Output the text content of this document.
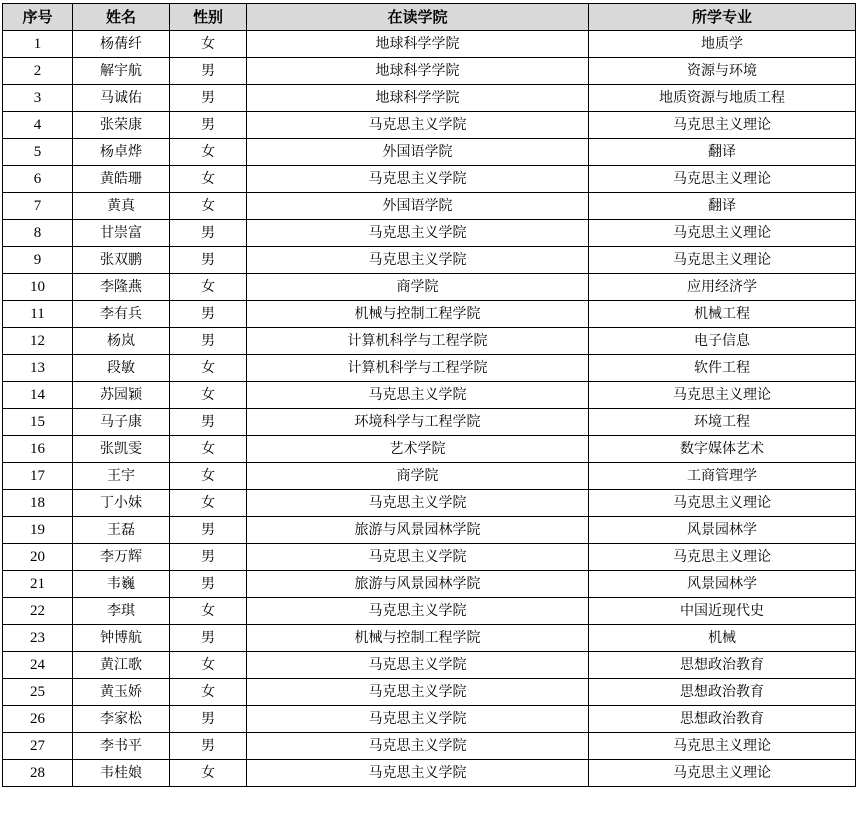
序号	姓名	性别	在读学院	所学专业
1	杨蒨纤	女	地球科学学院	地质学
2	解宇航	男	地球科学学院	资源与环境
3	马诚佑	男	地球科学学院	地质资源与地质工程
4	张荣康	男	马克思主义学院	马克思主义理论
5	杨卓烨	女	外国语学院	翻译
6	黄皓珊	女	马克思主义学院	马克思主义理论
7	黄真	女	外国语学院	翻译
8	甘崇富	男	马克思主义学院	马克思主义理论
9	张双鹏	男	马克思主义学院	马克思主义理论
10	李隆燕	女	商学院	应用经济学
11	李有兵	男	机械与控制工程学院	机械工程
12	杨岚	男	计算机科学与工程学院	电子信息
13	段敏	女	计算机科学与工程学院	软件工程
14	苏园颖	女	马克思主义学院	马克思主义理论
15	马子康	男	环境科学与工程学院	环境工程
16	张凯雯	女	艺术学院	数字媒体艺术
17	王宇	女	商学院	工商管理学
18	丁小妹	女	马克思主义学院	马克思主义理论
19	王磊	男	旅游与风景园林学院	风景园林学
20	李万辉	男	马克思主义学院	马克思主义理论
21	韦巍	男	旅游与风景园林学院	风景园林学
22	李琪	女	马克思主义学院	中国近现代史
23	钟博航	男	机械与控制工程学院	机械
24	黄江歌	女	马克思主义学院	思想政治教育
25	黄玉娇	女	马克思主义学院	思想政治教育
26	李家松	男	马克思主义学院	思想政治教育
27	李书平	男	马克思主义学院	马克思主义理论
28	韦桂娘	女	马克思主义学院	马克思主义理论
